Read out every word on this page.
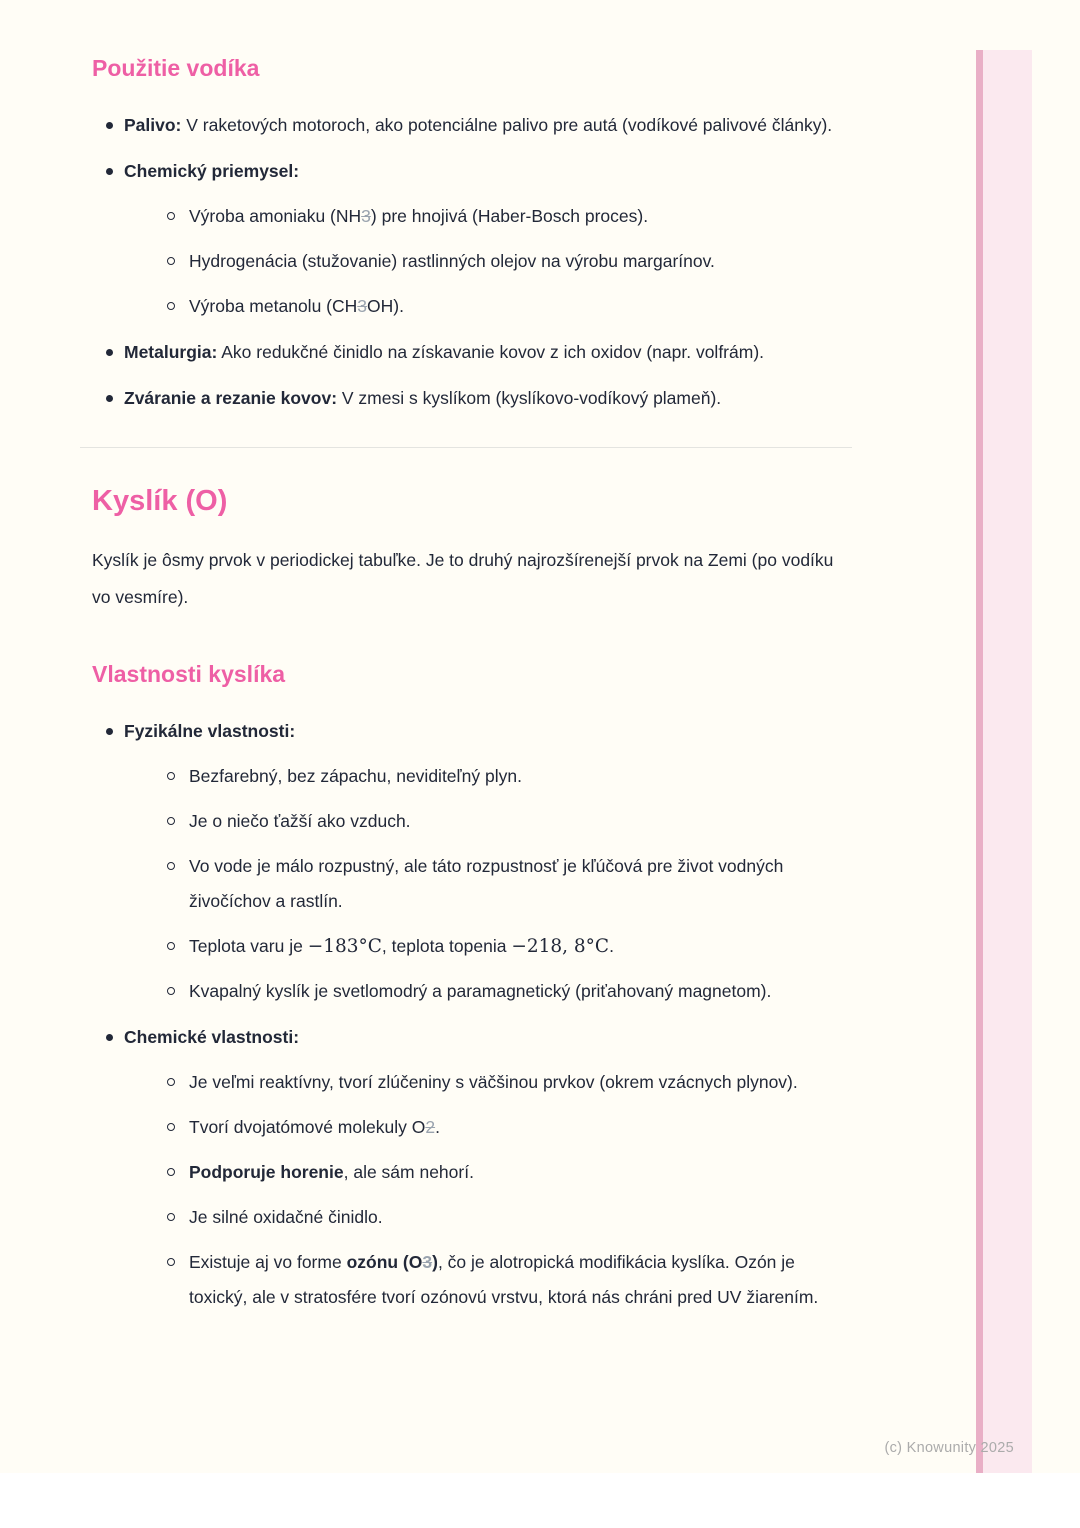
Použitie vodíka
Palivo: V raketových motoroch, ako potenciálne palivo pre autá (vodíkové palivové články).
Chemický priemysel:
Výroba amoniaku (NH3) pre hnojivá (Haber-Bosch proces).
Hydrogenácia (stužovanie) rastlinných olejov na výrobu margarínov.
Výroba metanolu (CH3OH).
Metalurgia: Ako redukčné činidlo na získavanie kovov z ich oxidov (napr. volfrám).
Zváranie a rezanie kovov: V zmesi s kyslíkom (kyslíkovo-vodíkový plameň).
Kyslík (O)

Kyslík je ôsmy prvok v periodickej tabuľke. Je to druhý najrozšírenejší prvok na Zemi (po vodíku vo vesmíre).

Vlastnosti kyslíka
Fyzikálne vlastnosti:
Bezfarebný, bez zápachu, neviditeľný plyn.
Je o niečo ťažší ako vzduch.
Vo vode je málo rozpustný, ale táto rozpustnosť je kľúčová pre život vodných živočíchov a rastlín.
Teplota varu je −183°C, teplota topenia −218, 8°C.
Kvapalný kyslík je svetlomodrý a paramagnetický (priťahovaný magnetom).
Chemické vlastnosti:
Je veľmi reaktívny, tvorí zlúčeniny s väčšinou prvkov (okrem vzácnych plynov).
Tvorí dvojatómové molekuly O2.
Podporuje horenie, ale sám nehorí.
Je silné oxidačné činidlo.
Existuje aj vo forme ozónu (O3), čo je alotropická modifikácia kyslíka. Ozón je toxický, ale v stratosfére tvorí ozónovú vrstvu, ktorá nás chráni pred UV žiarením.
(c) Knowunity 2025
